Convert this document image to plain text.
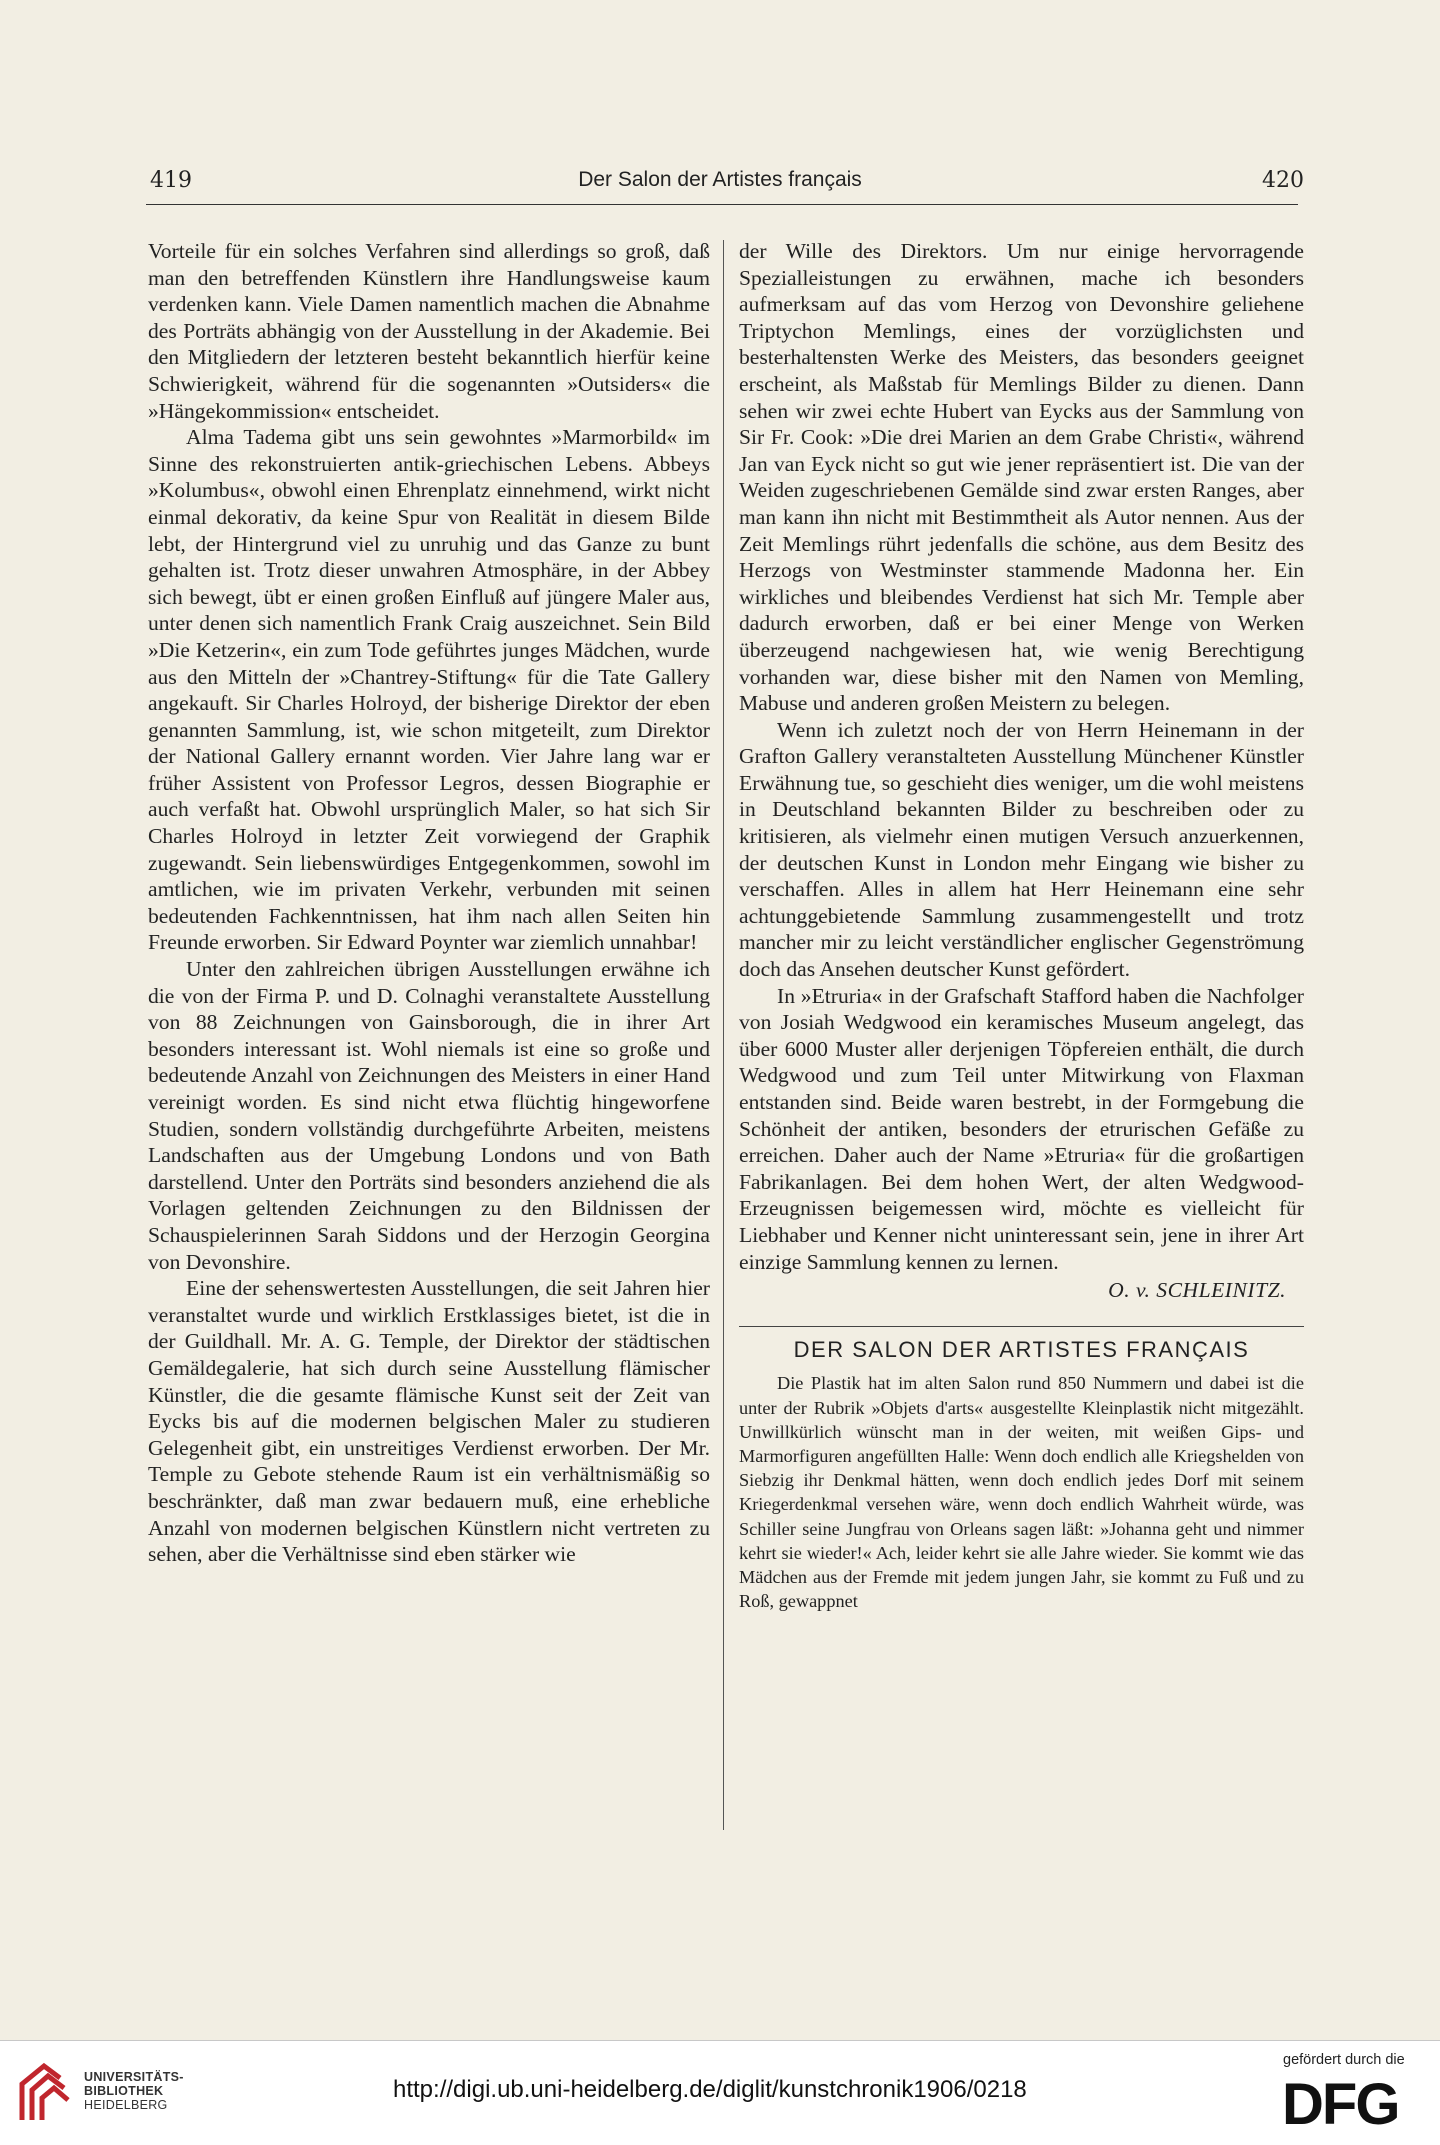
419	Der Salon der Artistes français	420

Vorteile für ein solches Verfahren sind allerdings so groß, daß man den betreffenden Künstlern ihre Handlungsweise kaum verdenken kann. Viele Damen namentlich machen die Abnahme des Porträts abhängig von der Ausstellung in der Akademie. Bei den Mitgliedern der letzteren besteht bekanntlich hierfür keine Schwierigkeit, während für die sogenannten »Outsiders« die »Hängekommission« entscheidet.

Alma Tadema gibt uns sein gewohntes »Marmorbild« im Sinne des rekonstruierten antik-griechischen Lebens. Abbeys »Kolumbus«, obwohl einen Ehrenplatz einnehmend, wirkt nicht einmal dekorativ, da keine Spur von Realität in diesem Bilde lebt, der Hintergrund viel zu unruhig und das Ganze zu bunt gehalten ist. Trotz dieser unwahren Atmosphäre, in der Abbey sich bewegt, übt er einen großen Einfluß auf jüngere Maler aus, unter denen sich namentlich Frank Craig auszeichnet. Sein Bild »Die Ketzerin«, ein zum Tode geführtes junges Mädchen, wurde aus den Mitteln der »Chantrey-Stiftung« für die Tate Gallery angekauft. Sir Charles Holroyd, der bisherige Direktor der eben genannten Sammlung, ist, wie schon mitgeteilt, zum Direktor der National Gallery ernannt worden. Vier Jahre lang war er früher Assistent von Professor Legros, dessen Biographie er auch verfaßt hat. Obwohl ursprünglich Maler, so hat sich Sir Charles Holroyd in letzter Zeit vorwiegend der Graphik zugewandt. Sein liebenswürdiges Entgegenkommen, sowohl im amtlichen, wie im privaten Verkehr, verbunden mit seinen bedeutenden Fachkenntnissen, hat ihm nach allen Seiten hin Freunde erworben. Sir Edward Poynter war ziemlich unnahbar!

Unter den zahlreichen übrigen Ausstellungen erwähne ich die von der Firma P. und D. Colnaghi veranstaltete Ausstellung von 88 Zeichnungen von Gainsborough, die in ihrer Art besonders interessant ist. Wohl niemals ist eine so große und bedeutende Anzahl von Zeichnungen des Meisters in einer Hand vereinigt worden. Es sind nicht etwa flüchtig hingeworfene Studien, sondern vollständig durchgeführte Arbeiten, meistens Landschaften aus der Umgebung Londons und von Bath darstellend. Unter den Porträts sind besonders anziehend die als Vorlagen geltenden Zeichnungen zu den Bildnissen der Schauspielerinnen Sarah Siddons und der Herzogin Georgina von Devonshire.

Eine der sehenswertesten Ausstellungen, die seit Jahren hier veranstaltet wurde und wirklich Erstklassiges bietet, ist die in der Guildhall. Mr. A. G. Temple, der Direktor der städtischen Gemäldegalerie, hat sich durch seine Ausstellung flämischer Künstler, die die gesamte flämische Kunst seit der Zeit van Eycks bis auf die modernen belgischen Maler zu studieren Gelegenheit gibt, ein unstreitiges Verdienst erworben. Der Mr. Temple zu Gebote stehende Raum ist ein verhältnismäßig so beschränkter, daß man zwar bedauern muß, eine erhebliche Anzahl von modernen belgischen Künstlern nicht vertreten zu sehen, aber die Verhältnisse sind eben stärker wie

der Wille des Direktors. Um nur einige hervorragende Spezialleistungen zu erwähnen, mache ich besonders aufmerksam auf das vom Herzog von Devonshire geliehene Triptychon Memlings, eines der vorzüglichsten und besterhaltensten Werke des Meisters, das besonders geeignet erscheint, als Maßstab für Memlings Bilder zu dienen. Dann sehen wir zwei echte Hubert van Eycks aus der Sammlung von Sir Fr. Cook: »Die drei Marien an dem Grabe Christi«, während Jan van Eyck nicht so gut wie jener repräsentiert ist. Die van der Weiden zugeschriebenen Gemälde sind zwar ersten Ranges, aber man kann ihn nicht mit Bestimmtheit als Autor nennen. Aus der Zeit Memlings rührt jedenfalls die schöne, aus dem Besitz des Herzogs von Westminster stammende Madonna her. Ein wirkliches und bleibendes Verdienst hat sich Mr. Temple aber dadurch erworben, daß er bei einer Menge von Werken überzeugend nachgewiesen hat, wie wenig Berechtigung vorhanden war, diese bisher mit den Namen von Memling, Mabuse und anderen großen Meistern zu belegen.

Wenn ich zuletzt noch der von Herrn Heinemann in der Grafton Gallery veranstalteten Ausstellung Münchener Künstler Erwähnung tue, so geschieht dies weniger, um die wohl meistens in Deutschland bekannten Bilder zu beschreiben oder zu kritisieren, als vielmehr einen mutigen Versuch anzuerkennen, der deutschen Kunst in London mehr Eingang wie bisher zu verschaffen. Alles in allem hat Herr Heinemann eine sehr achtunggebietende Sammlung zusammengestellt und trotz mancher mir zu leicht verständlicher englischer Gegenströmung doch das Ansehen deutscher Kunst gefördert.

In »Etruria« in der Grafschaft Stafford haben die Nachfolger von Josiah Wedgwood ein keramisches Museum angelegt, das über 6000 Muster aller derjenigen Töpfereien enthält, die durch Wedgwood und zum Teil unter Mitwirkung von Flaxman entstanden sind. Beide waren bestrebt, in der Formgebung die Schönheit der antiken, besonders der etrurischen Gefäße zu erreichen. Daher auch der Name »Etruria« für die großartigen Fabrikanlagen. Bei dem hohen Wert, der alten Wedgwood-Erzeugnissen beigemessen wird, möchte es vielleicht für Liebhaber und Kenner nicht uninteressant sein, jene in ihrer Art einzige Sammlung kennen zu lernen.

O. v. SCHLEINITZ.
DER SALON DER ARTISTES FRANÇAIS

Die Plastik hat im alten Salon rund 850 Nummern und dabei ist die unter der Rubrik »Objets d'arts« ausgestellte Kleinplastik nicht mitgezählt. Unwillkürlich wünscht man in der weiten, mit weißen Gips- und Marmorfiguren angefüllten Halle: Wenn doch endlich alle Kriegshelden von Siebzig ihr Denkmal hätten, wenn doch endlich jedes Dorf mit seinem Kriegerdenkmal versehen wäre, wenn doch endlich Wahrheit würde, was Schiller seine Jungfrau von Orleans sagen läßt: »Johanna geht und nimmer kehrt sie wieder!« Ach, leider kehrt sie alle Jahre wieder. Sie kommt wie das Mädchen aus der Fremde mit jedem jungen Jahr, sie kommt zu Fuß und zu Roß, gewappnet

UNIVERSITÄTS-
BIBLIOTHEK
HEIDELBERG
http://digi.ub.uni-heidelberg.de/diglit/kunstchronik1906/0218
gefördert durch die
DFG
